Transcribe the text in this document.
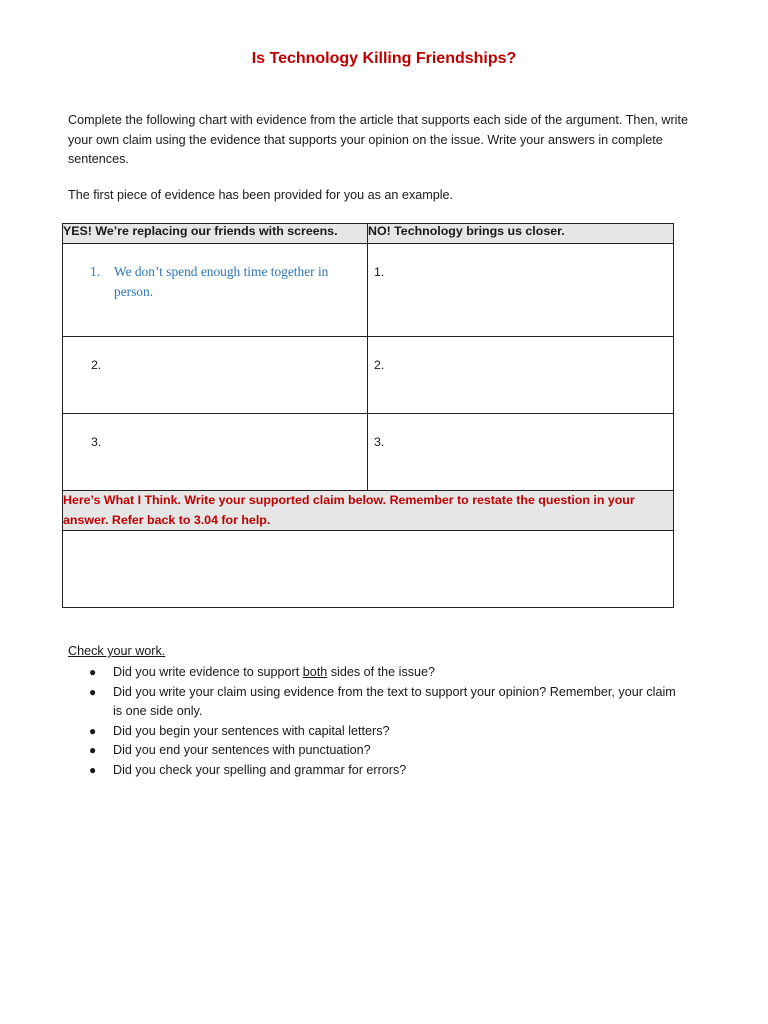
Is Technology Killing Friendships?

Complete the following chart with evidence from the article that supports each side of the argument. Then, write your own claim using the evidence that supports your opinion on the issue. Write your answers in complete sentences.

The first piece of evidence has been provided for you as an example.

YES! We’re replacing our friends with screens.	NO! Technology brings us closer.

1. We don’t spend enough time together in person.	1.

2.	2.

3.	3.

Here’s What I Think. Write your supported claim below. Remember to restate the question in your answer. Refer back to 3.04 for help.	

Check your work.

● Did you write evidence to support both sides of the issue?
● Did you write your claim using evidence from the text to support your opinion? Remember, your claim is one side only.
● Did you begin your sentences with capital letters?
● Did you end your sentences with punctuation?
● Did you check your spelling and grammar for errors?
